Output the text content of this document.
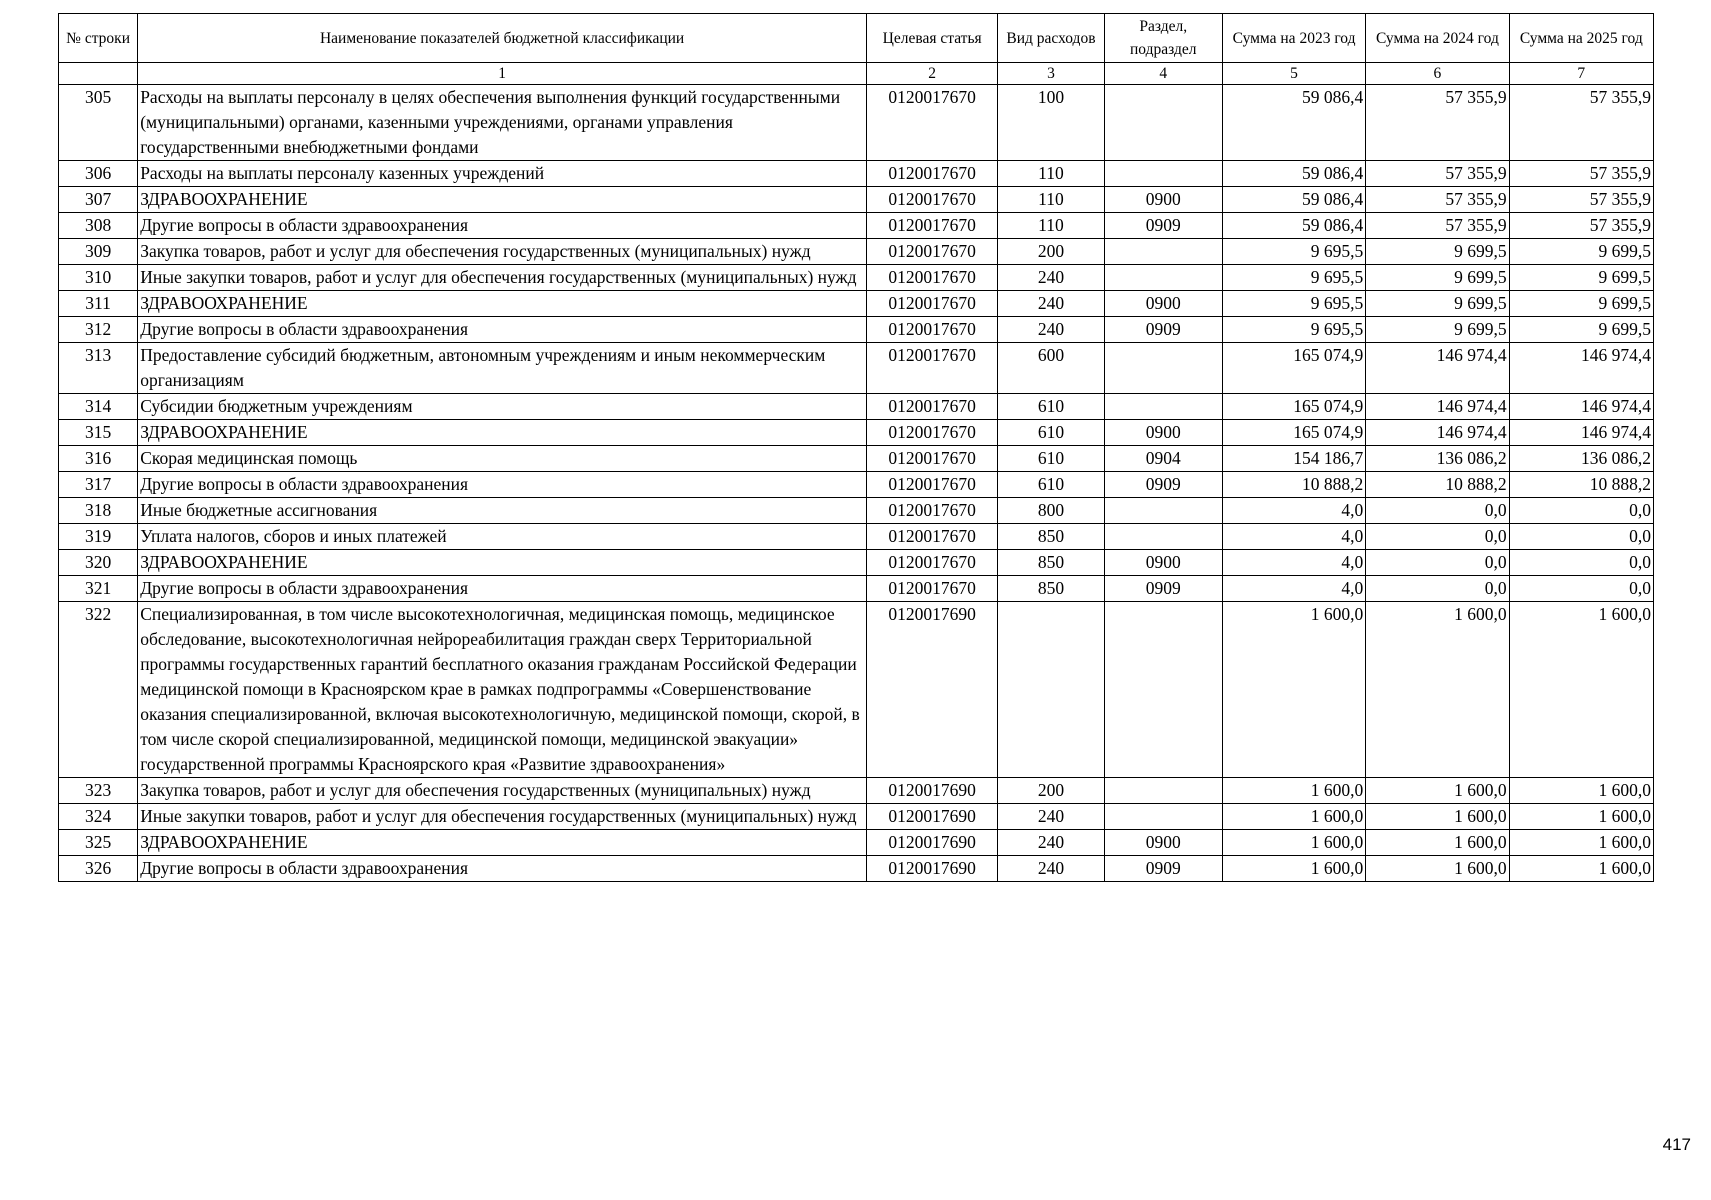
№ строки	Наименование показателей бюджетной классификации	Целевая статья	Вид расходов	Раздел, подраздел	Сумма на 2023 год	Сумма на 2024 год	Сумма на 2025 год
	1	2	3	4	5	6	7
305	Расходы на выплаты персоналу в целях обеспечения выполнения функций государственными (муниципальными) органами, казенными учреждениями, органами управления государственными внебюджетными фондами	0120017670	100		59 086,4	57 355,9	57 355,9
306	Расходы на выплаты персоналу казенных учреждений	0120017670	110		59 086,4	57 355,9	57 355,9
307	ЗДРАВООХРАНЕНИЕ	0120017670	110	0900	59 086,4	57 355,9	57 355,9
308	Другие вопросы в области здравоохранения	0120017670	110	0909	59 086,4	57 355,9	57 355,9
309	Закупка товаров, работ и услуг для обеспечения государственных (муниципальных) нужд	0120017670	200		9 695,5	9 699,5	9 699,5
310	Иные закупки товаров, работ и услуг для обеспечения государственных (муниципальных) нужд	0120017670	240		9 695,5	9 699,5	9 699,5
311	ЗДРАВООХРАНЕНИЕ	0120017670	240	0900	9 695,5	9 699,5	9 699,5
312	Другие вопросы в области здравоохранения	0120017670	240	0909	9 695,5	9 699,5	9 699,5
313	Предоставление субсидий бюджетным, автономным учреждениям и иным некоммерческим организациям	0120017670	600		165 074,9	146 974,4	146 974,4
314	Субсидии бюджетным учреждениям	0120017670	610		165 074,9	146 974,4	146 974,4
315	ЗДРАВООХРАНЕНИЕ	0120017670	610	0900	165 074,9	146 974,4	146 974,4
316	Скорая медицинская помощь	0120017670	610	0904	154 186,7	136 086,2	136 086,2
317	Другие вопросы в области здравоохранения	0120017670	610	0909	10 888,2	10 888,2	10 888,2
318	Иные бюджетные ассигнования	0120017670	800		4,0	0,0	0,0
319	Уплата налогов, сборов и иных платежей	0120017670	850		4,0	0,0	0,0
320	ЗДРАВООХРАНЕНИЕ	0120017670	850	0900	4,0	0,0	0,0
321	Другие вопросы в области здравоохранения	0120017670	850	0909	4,0	0,0	0,0
322	Специализированная, в том числе высокотехнологичная, медицинская помощь, медицинское обследование, высокотехнологичная нейрореабилитация граждан сверх Территориальной программы государственных гарантий бесплатного оказания гражданам Российской Федерации медицинской помощи в Красноярском крае в рамках подпрограммы «Совершенствование оказания специализированной, включая высокотехнологичную, медицинской помощи, скорой, в том числе скорой специализированной, медицинской помощи, медицинской эвакуации» государственной программы Красноярского края «Развитие здравоохранения»	0120017690			1 600,0	1 600,0	1 600,0
323	Закупка товаров, работ и услуг для обеспечения государственных (муниципальных) нужд	0120017690	200		1 600,0	1 600,0	1 600,0
324	Иные закупки товаров, работ и услуг для обеспечения государственных (муниципальных) нужд	0120017690	240		1 600,0	1 600,0	1 600,0
325	ЗДРАВООХРАНЕНИЕ	0120017690	240	0900	1 600,0	1 600,0	1 600,0
326	Другие вопросы в области здравоохранения	0120017690	240	0909	1 600,0	1 600,0	1 600,0
417
